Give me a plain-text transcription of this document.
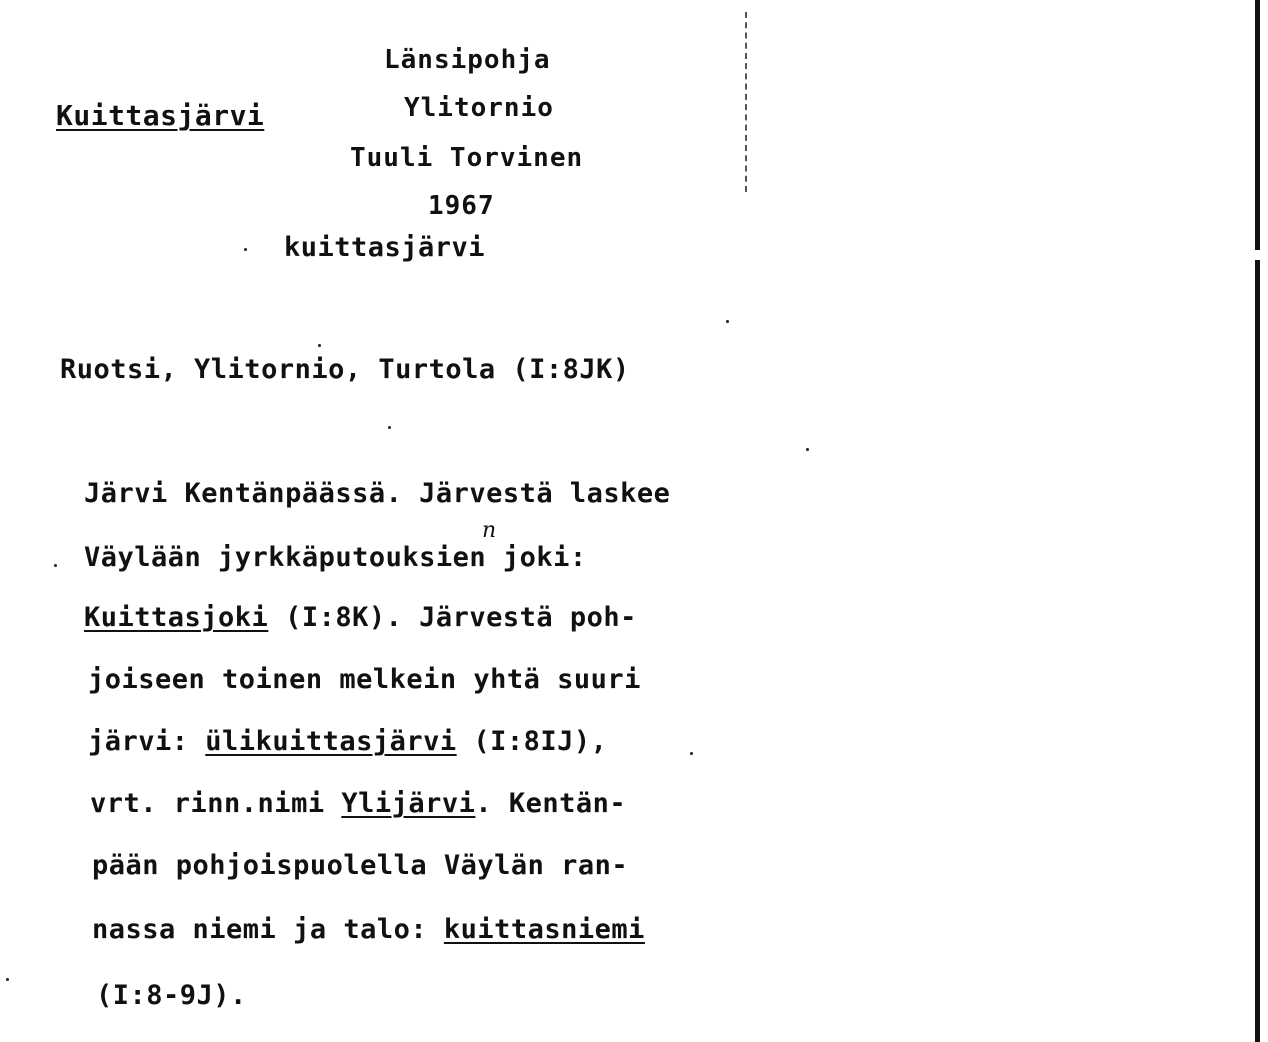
Kuittasjärvi
Länsipohja
Ylitornio
Tuuli Torvinen
1967
kuittasjärvi
Ruotsi, Ylitornio, Turtola (I:8JK)
Järvi Kentänpäässä. Järvestä laskee
n
Väylään jyrkkäputouksien joki:
Kuittasjoki (I:8K). Järvestä poh-
joiseen toinen melkein yhtä suuri
järvi: ülikuittasjärvi (I:8IJ),
vrt. rinn.nimi Ylijärvi. Kentän-
pään pohjoispuolella Väylän ran-
nassa niemi ja talo: kuittasniemi
(I:8-9J).
